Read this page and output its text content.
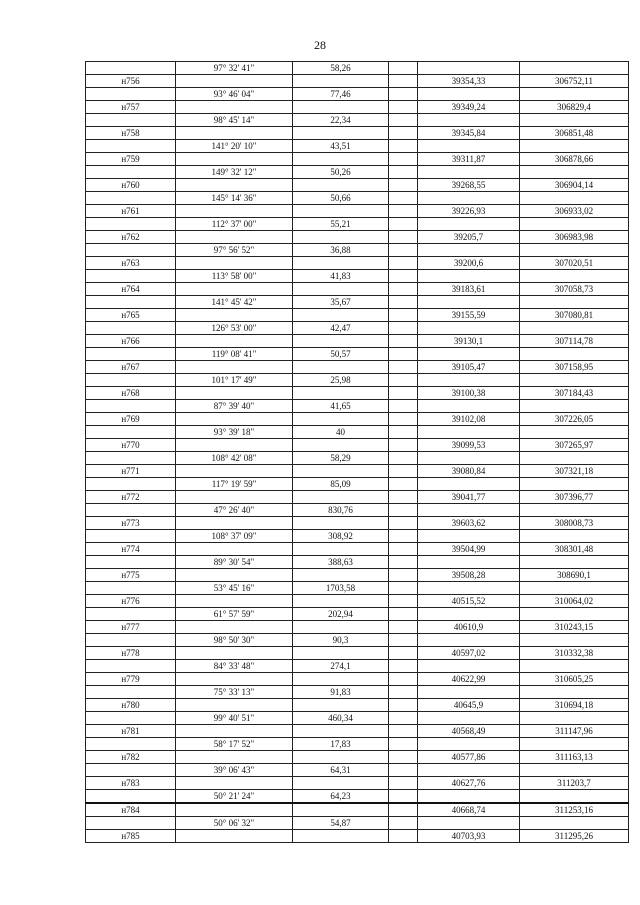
28
	97° 32' 41"	58,26			
н756				39354,33	306752,11
	93° 46' 04"	77,46			
н757				39349,24	306829,4
	98° 45' 14"	22,34			
н758				39345,84	306851,48
	141° 20' 10"	43,51			
н759				39311,87	306878,66
	149° 32' 12"	50,26			
н760				39268,55	306904,14
	145° 14' 36"	50,66			
н761				39226,93	306933,02
	112° 37' 00"	55,21			
н762				39205,7	306983,98
	97° 56' 52"	36,88			
н763				39200,6	307020,51
	113° 58' 00"	41,83			
н764				39183,61	307058,73
	141° 45' 42"	35,67			
н765				39155,59	307080,81
	126° 53' 00"	42,47			
н766				39130,1	307114,78
	119° 08' 41"	50,57			
н767				39105,47	307158,95
	101° 17' 49"	25,98			
н768				39100,38	307184,43
	87° 39' 40"	41,65			
н769				39102,08	307226,05
	93° 39' 18"	40			
н770				39099,53	307265,97
	108° 42' 08"	58,29			
н771				39080,84	307321,18
	117° 19' 59"	85,09			
н772				39041,77	307396,77
	47° 26' 40"	830,76			
н773				39603,62	308008,73
	108° 37' 09"	308,92			
н774				39504,99	308301,48
	89° 30' 54"	388,63			
н775				39508,28	308690,1
	53° 45' 16"	1703,58			
н776				40515,52	310064,02
	61° 57' 59"	202,94			
н777				40610,9	310243,15
	98° 50' 30"	90,3			
н778				40597,02	310332,38
	84° 33' 48"	274,1			
н779				40622,99	310605,25
	75° 33' 13"	91,83			
н780				40645,9	310694,18
	99° 40' 51"	460,34			
н781				40568,49	311147,96
	58° 17' 52"	17,83			
н782				40577,86	311163,13
	39° 06' 43"	64,31			
н783				40627,76	311203,7
	50° 21' 24"	64,23			
н784				40668,74	311253,16
	50° 06' 32"	54,87			
н785				40703,93	311295,26
